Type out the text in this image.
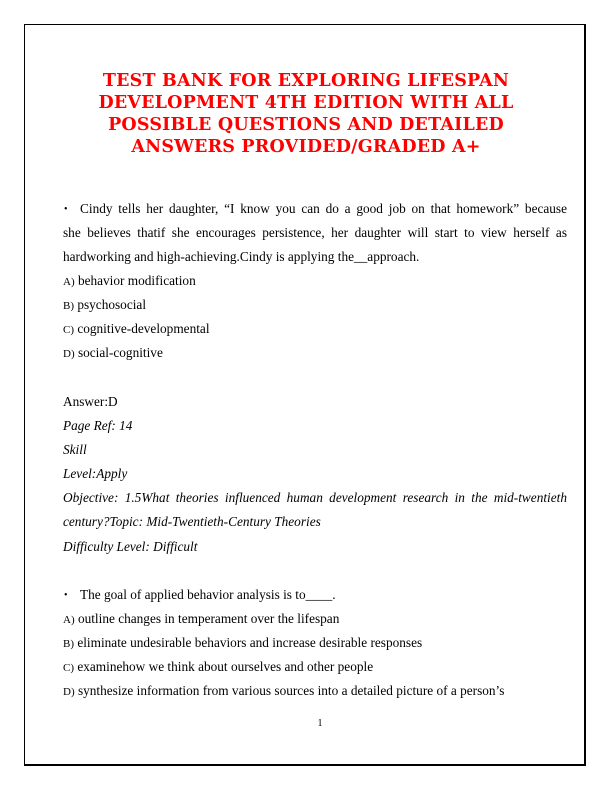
TEST BANK FOR EXPLORING LIFESPAN
DEVELOPMENT 4TH EDITION WITH ALL
POSSIBLE QUESTIONS AND DETAILED
ANSWERS PROVIDED/GRADED A+
• Cindy tells her daughter, “I know you can do a good job on that homework” because
she believes thatif she encourages persistence, her daughter will start to view herself as
hardworking and high-achieving.Cindy is applying the__approach.
A) behavior modification
B) psychosocial
C) cognitive-developmental
D) social-cognitive
Answer:D
Page Ref: 14
Skill
Level:Apply
Objective: 1.5What theories influenced human development research in the mid-twentieth
century?Topic: Mid-Twentieth-Century Theories
Difficulty Level: Difficult
• The goal of applied behavior analysis is to____.
A) outline changes in temperament over the lifespan
B) eliminate undesirable behaviors and increase desirable responses
C) examinehow we think about ourselves and other people
D) synthesize information from various sources into a detailed picture of a person’s
1
